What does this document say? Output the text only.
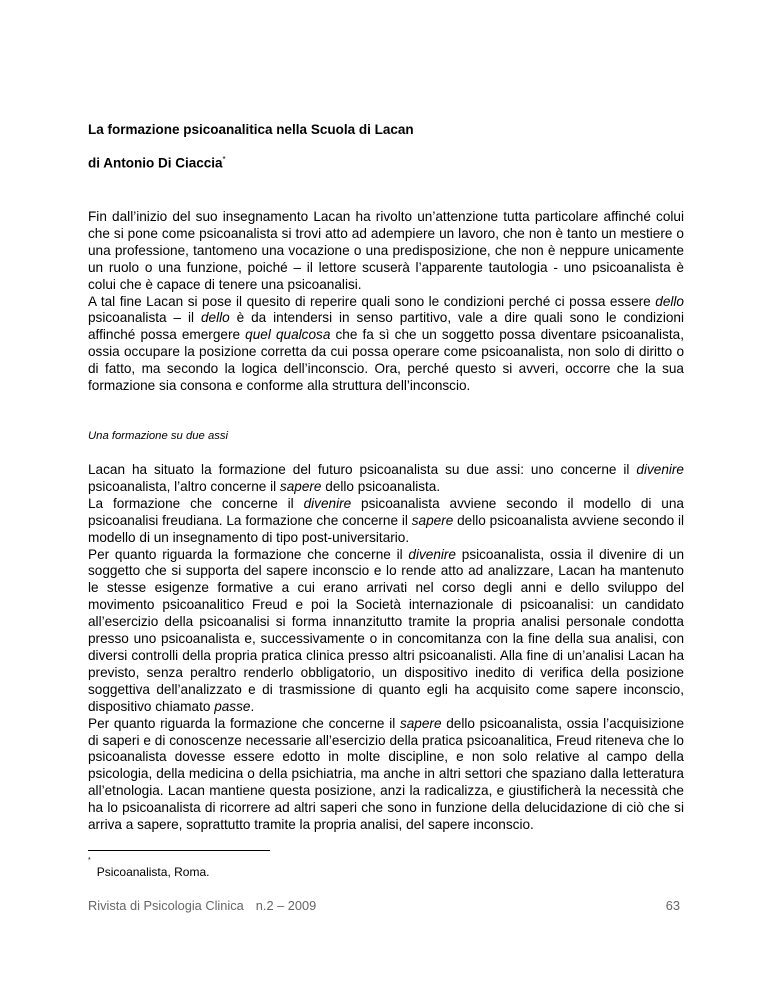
La formazione psicoanalitica nella Scuola di Lacan
di Antonio Di Ciaccia*

Fin dall’inizio del suo insegnamento Lacan ha rivolto un’attenzione tutta particolare affinché colui che si pone come psicoanalista si trovi atto ad adempiere un lavoro, che non è tanto un mestiere o una professione, tantomeno una vocazione o una predisposizione, che non è neppure unicamente un ruolo o una funzione, poiché – il lettore scuserà l’apparente tautologia - uno psicoanalista è colui che è capace di tenere una psicoanalisi.

A tal fine Lacan si pose il quesito di reperire quali sono le condizioni perché ci possa essere dello psicoanalista – il dello è da intendersi in senso partitivo, vale a dire quali sono le condizioni affinché possa emergere quel qualcosa che fa sì che un soggetto possa diventare psicoanalista, ossia occupare la posizione corretta da cui possa operare come psicoanalista, non solo di diritto o di fatto, ma secondo la logica dell’inconscio. Ora, perché questo si avveri, occorre che la sua formazione sia consona e conforme alla struttura dell’inconscio.

Una formazione su due assi

Lacan ha situato la formazione del futuro psicoanalista su due assi: uno concerne il divenire psicoanalista, l’altro concerne il sapere dello psicoanalista.

La formazione che concerne il divenire psicoanalista avviene secondo il modello di una psicoanalisi freudiana. La formazione che concerne il sapere dello psicoanalista avviene secondo il modello di un insegnamento di tipo post-universitario.

Per quanto riguarda la formazione che concerne il divenire psicoanalista, ossia il divenire di un soggetto che si supporta del sapere inconscio e lo rende atto ad analizzare, Lacan ha mantenuto le stesse esigenze formative a cui erano arrivati nel corso degli anni e dello sviluppo del movimento psicoanalitico Freud e poi la Società internazionale di psicoanalisi: un candidato all’esercizio della psicoanalisi si forma innanzitutto tramite la propria analisi personale condotta presso uno psicoanalista e, successivamente o in concomitanza con la fine della sua analisi, con diversi controlli della propria pratica clinica presso altri psicoanalisti. Alla fine di un’analisi Lacan ha previsto, senza peraltro renderlo obbligatorio, un dispositivo inedito di verifica della posizione soggettiva dell’analizzato e di trasmissione di quanto egli ha acquisito come sapere inconscio, dispositivo chiamato passe.

Per quanto riguarda la formazione che concerne il sapere dello psicoanalista, ossia l’acquisizione di saperi e di conoscenze necessarie all’esercizio della pratica psicoanalitica, Freud riteneva che lo psicoanalista dovesse essere edotto in molte discipline, e non solo relative al campo della psicologia, della medicina o della psichiatria, ma anche in altri settori che spaziano dalla letteratura all’etnologia. Lacan mantiene questa posizione, anzi la radicalizza, e giustificherà la necessità che ha lo psicoanalista di ricorrere ad altri saperi che sono in funzione della delucidazione di ciò che si arriva a sapere, soprattutto tramite la propria analisi, del sapere inconscio.

*Psicoanalista, Roma.
Rivista di Psicologia Clinica n.2 – 2009	63
